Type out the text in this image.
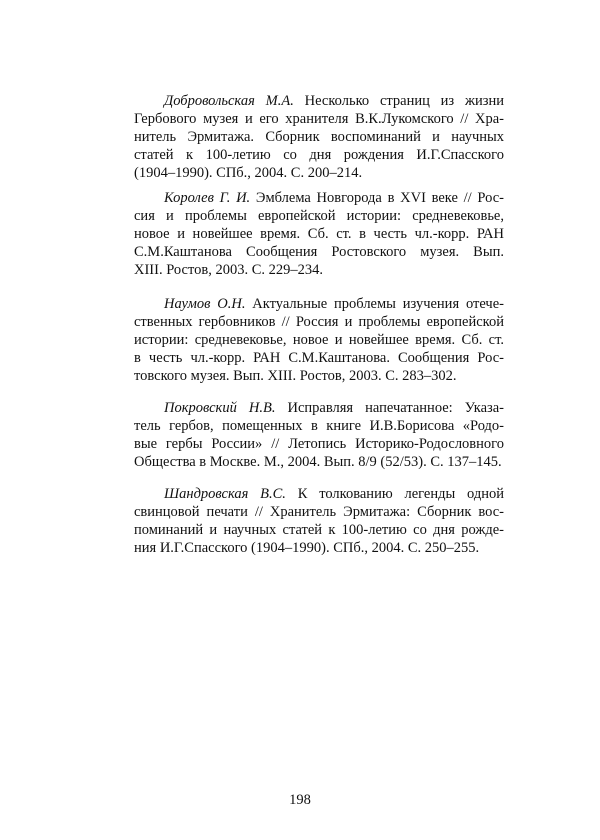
Добровольская М.А. Несколько страниц из жизни
Гербового музея и его хранителя В.К.Лукомского // Хра-
нитель Эрмитажа. Сборник воспоминаний и научных
статей к 100-летию со дня рождения И.Г.Спасского
(1904–1990). СПб., 2004. С. 200–214.
Королев Г. И. Эмблема Новгорода в XVI веке // Рос-
сия и проблемы европейской истории: средневековье,
новое и новейшее время. Сб. ст. в честь чл.-корр. РАН
С.М.Каштанова Сообщения Ростовского музея. Вып.
XIII. Ростов, 2003. С. 229–234.
Наумов О.Н. Актуальные проблемы изучения отече-
ственных гербовников // Россия и проблемы европейской
истории: средневековье, новое и новейшее время. Сб. ст.
в честь чл.-корр. РАН С.М.Каштанова. Сообщения Рос-
товского музея. Вып. XIII. Ростов, 2003. С. 283–302.
Покровский Н.В. Исправляя напечатанное: Указа-
тель гербов, помещенных в книге И.В.Борисова «Родо-
вые гербы России» // Летопись Историко-Родословного
Общества в Москве. М., 2004. Вып. 8/9 (52/53). С. 137–145.
Шандровская В.С. К толкованию легенды одной
свинцовой печати // Хранитель Эрмитажа: Сборник вос-
поминаний и научных статей к 100-летию со дня рожде-
ния И.Г.Спасского (1904–1990). СПб., 2004. С. 250–255.
198
